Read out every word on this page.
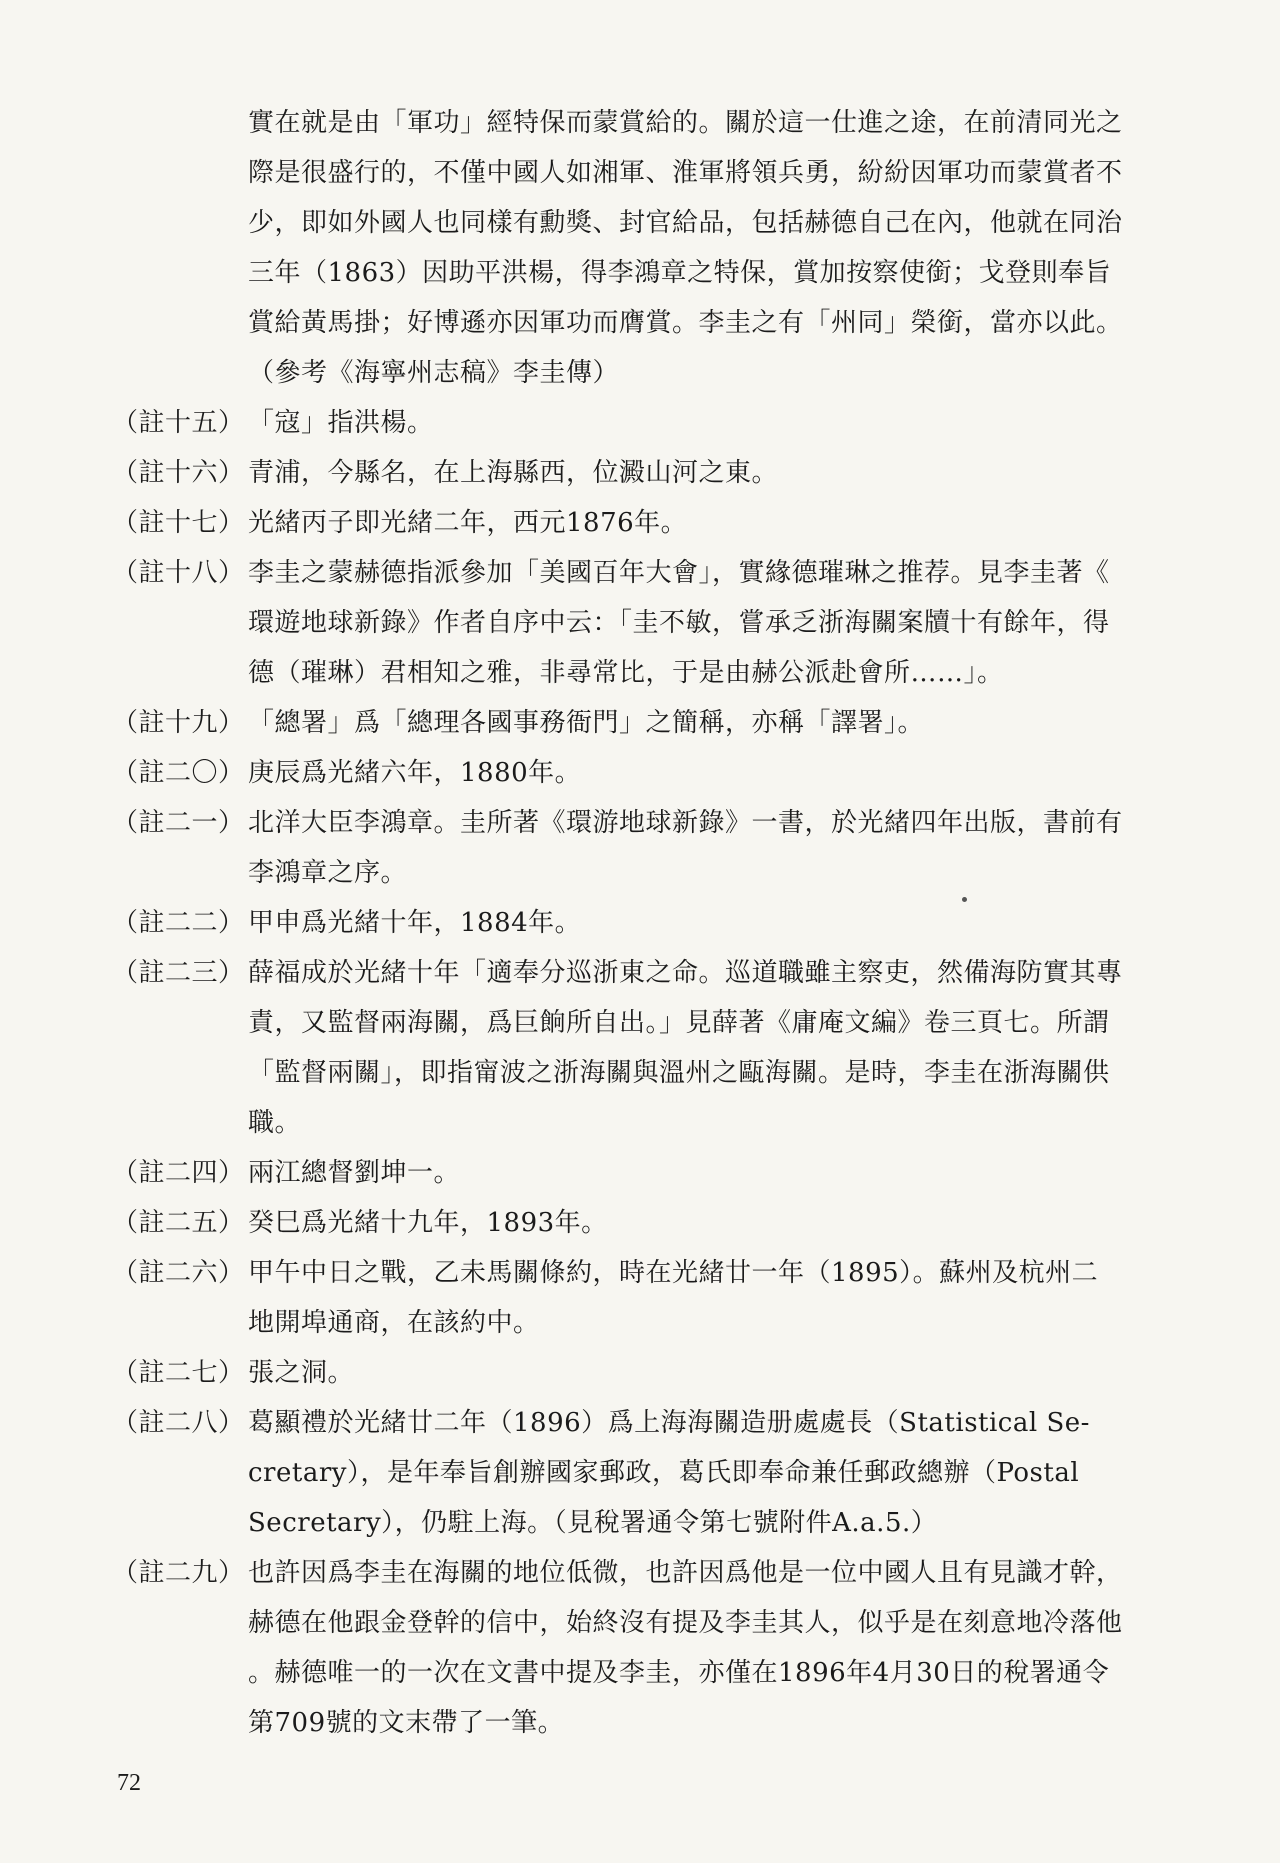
實在就是由「軍功」經特保而蒙賞給的。關於這一仕進之途，在前清同光之
際是很盛行的，不僅中國人如湘軍、淮軍將領兵勇，紛紛因軍功而蒙賞者不
少，即如外國人也同樣有勳獎、封官給品，包括赫德自己在內，他就在同治
三年（1863）因助平洪楊，得李鴻章之特保，賞加按察使銜；戈登則奉旨
賞給黃馬掛；好博遜亦因軍功而膺賞。李圭之有「州同」榮銜，當亦以此。
（參考《海寧州志稿》李圭傳）
（註十五） 「寇」指洪楊。
（註十六） 青浦，今縣名，在上海縣西，位澱山河之東。
（註十七） 光緒丙子即光緒二年，西元1876年。
（註十八） 李圭之蒙赫德指派參加「美國百年大會」，實緣德璀琳之推荐。見李圭著《
環遊地球新錄》作者自序中云：「圭不敏，嘗承乏浙海關案牘十有餘年，得
德（璀琳）君相知之雅，非尋常比，于是由赫公派赴會所……」。
（註十九） 「總署」爲「總理各國事務衙門」之簡稱，亦稱「譯署」。
（註二〇） 庚辰爲光緒六年，1880年。
（註二一） 北洋大臣李鴻章。圭所著《環游地球新錄》一書，於光緒四年出版，書前有
李鴻章之序。
（註二二） 甲申爲光緒十年，1884年。
（註二三） 薛福成於光緒十年「適奉分巡浙東之命。巡道職雖主察吏，然備海防實其專
責，又監督兩海關，爲巨餉所自出。」見薛著《庸庵文編》卷三頁七。所謂
「監督兩關」，即指甯波之浙海關與溫州之甌海關。是時，李圭在浙海關供
職。
（註二四） 兩江總督劉坤一。
（註二五） 癸巳爲光緒十九年，1893年。
（註二六） 甲午中日之戰，乙未馬關條約，時在光緒廿一年（1895）。蘇州及杭州二
地開埠通商，在該約中。
（註二七） 張之洞。
（註二八） 葛顯禮於光緒廿二年（1896）爲上海海關造册處處長（Statistical Se-
cretary），是年奉旨創辦國家郵政，葛氏即奉命兼任郵政總辦（Postal
Secretary），仍駐上海。（見稅署通令第七號附件A.a.5.）
（註二九） 也許因爲李圭在海關的地位低微，也許因爲他是一位中國人且有見識才幹，
赫德在他跟金登幹的信中，始終沒有提及李圭其人，似乎是在刻意地冷落他
。赫德唯一的一次在文書中提及李圭，亦僅在1896年4月30日的稅署通令
第709號的文末帶了一筆。
72
